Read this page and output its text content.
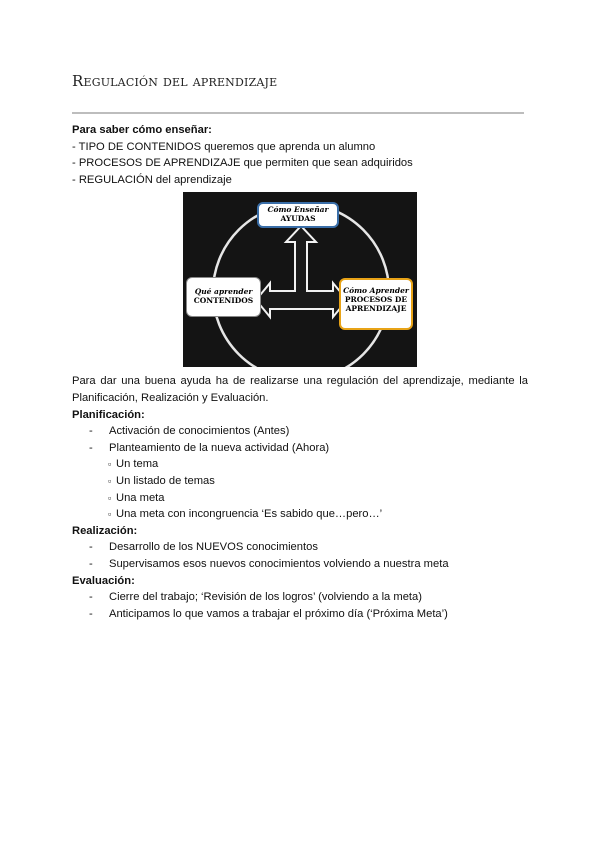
Regulación del aprendizaje
Para saber cómo enseñar:
- TIPO DE CONTENIDOS queremos que aprenda un alumno
- PROCESOS DE APRENDIZAJE que permiten que sean adquiridos
- REGULACIÓN del aprendizaje
Cómo Enseñar
AYUDAS
Qué aprender
CONTENIDOS
Cómo Aprender
PROCESOS DE
APRENDIZAJE
Para dar una buena ayuda ha de realizarse una regulación del aprendizaje, mediante la Planificación, Realización y Evaluación.
Planificación:
- Activación de conocimientos (Antes)
- Planteamiento de la nueva actividad (Ahora)
▫ Un tema
▫ Un listado de temas
▫ Una meta
▫ Una meta con incongruencia ‘Es sabido que…pero…’
Realización:
- Desarrollo de los NUEVOS conocimientos
- Supervisamos esos nuevos conocimientos volviendo a nuestra meta
Evaluación:
- Cierre del trabajo; ‘Revisión de los logros’ (volviendo a la meta)
- Anticipamos lo que vamos a trabajar el próximo día (‘Próxima Meta’)
